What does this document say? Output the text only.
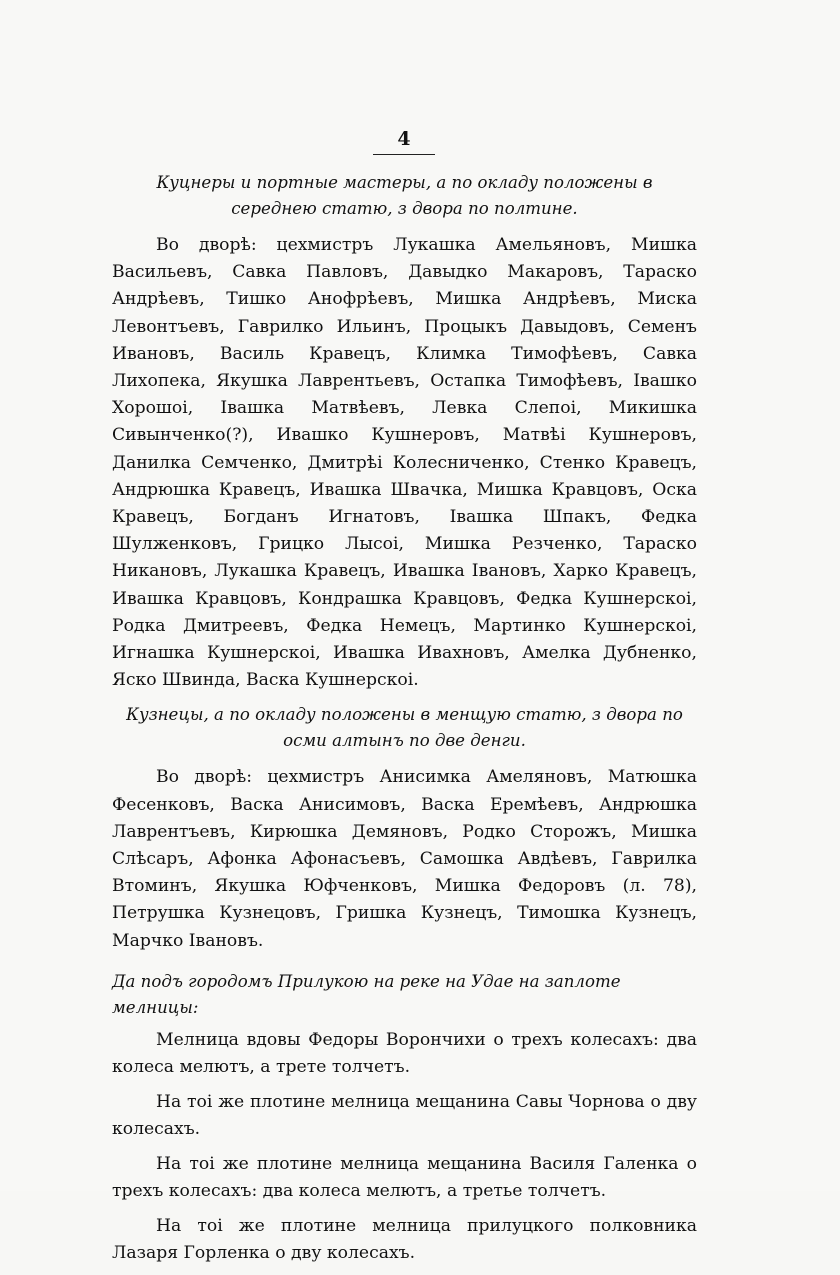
4

Куцнеры и портные мастеры, а по окладу положены в середнею статю, з двора по полтине.

Во дворѣ: цехмистръ Лукашка Амельяновъ, Мишка Васильевъ, Савка Павловъ, Давыдко Макаровъ, Тараско Андрѣевъ, Тишко Анофрѣевъ, Мишка Андрѣевъ, Миска Левонтъевъ, Гаврилко Ильинъ, Процыкъ Давыдовъ, Семенъ Ивановъ, Василь Кравецъ, Климка Тимофѣевъ, Савка Лихопека, Якушка Лаврентьевъ, Остапка Тимофѣевъ, Івашко Хорошоі, Івашка Матвѣевъ, Левка Слепоі, Микишка Сивынченко(?), Ивашко Кушнеровъ, Матвѣі Кушнеровъ, Данилка Семченко, Дмитрѣі Колесниченко, Стенко Кравецъ, Андрюшка Кравецъ, Ивашка Швачка, Мишка Кравцовъ, Оска Кравецъ, Богданъ Игнатовъ, Івашка Шпакъ, Федка Шулженковъ, Грицко Лысоі, Мишка Резченко, Тараско Никановъ, Лукашка Кравецъ, Ивашка Івановъ, Харко Кравецъ, Ивашка Кравцовъ, Кондрашка Кравцовъ, Федка Кушнерскоі, Родка Дмитреевъ, Федка Немецъ, Мартинко Кушнерскоі, Игнашка Кушнерскоі, Ивашка Ивахновъ, Амелка Дубненко, Яско Швинда, Васка Кушнерскоі.

Кузнецы, а по окладу положены в менщую статю, з двора по осми алтынъ по две денги.

Во дворѣ: цехмистръ Анисимка Амеляновъ, Матюшка Фесенковъ, Васка Анисимовъ, Васка Еремѣевъ, Андрюшка Лаврентъевъ, Кирюшка Демяновъ, Родко Сторожъ, Мишка Слѣсаръ, Афонка Афонасъевъ, Самошка Авдѣевъ, Гаврилка Втоминъ, Якушка Юфченковъ, Мишка Федоровъ (л. 78), Петрушка Кузнецовъ, Гришка Кузнецъ, Тимошка Кузнецъ, Марчко Івановъ.

Да подъ городомъ Прилукою на реке на Удае на заплоте мелницы:

Мелница вдовы Федоры Ворончихи о трехъ колесахъ: два колеса мелютъ, а трете толчетъ.

На тоі же плотине мелница мещанина Савы Чорнова о дву колесахъ.

На тоі же плотине мелница мещанина Василя Галенка о трехъ колесахъ: два колеса мелютъ, а третье толчетъ.

На тоі же плотине мелница прилуцкого полковника Лазаря Горленка о дву колесахъ.
